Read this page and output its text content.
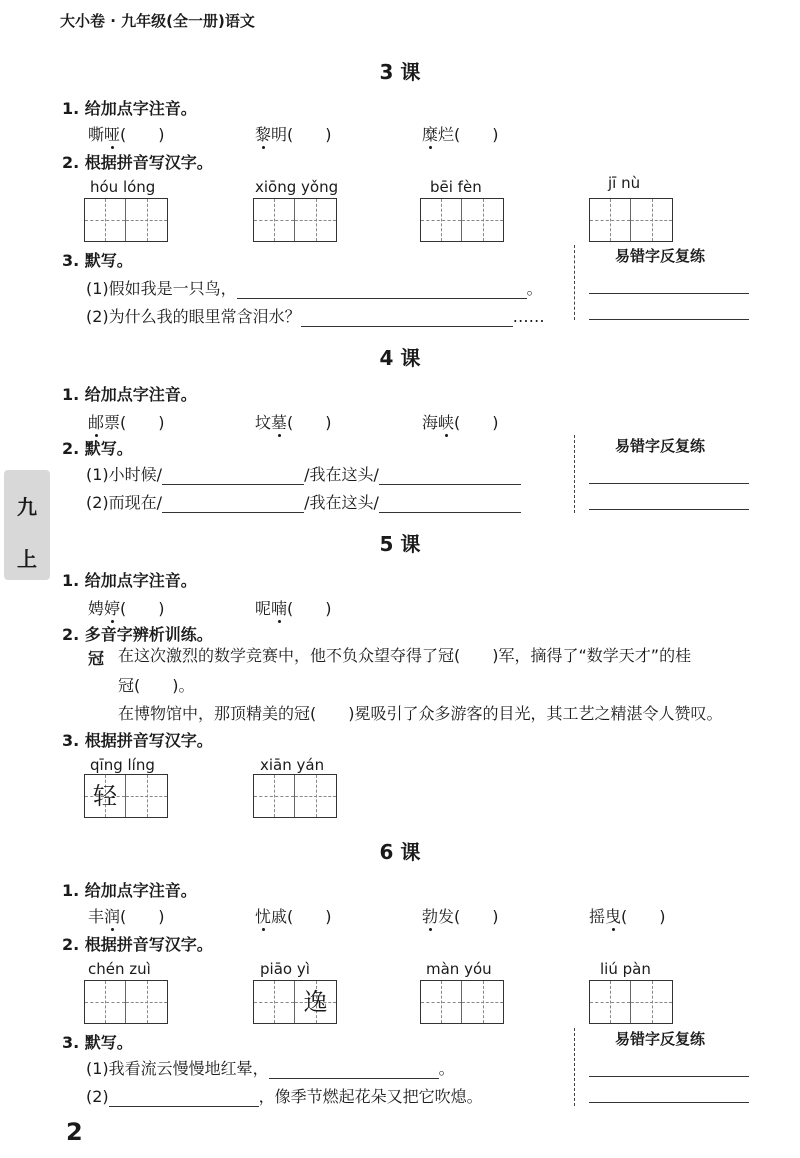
大小卷 · 九年级(全一册)语文
九
上
3 课
1. 给加点字注音。
嘶哑(　　)	黎明(　　)	糜烂(　　)
2. 根据拼音写汉字。
hóu lóng	xiōng yǒng	bēi fèn	jī nù
3. 默写。
(1)假如我是一只鸟，	。
(2)为什么我的眼里常含泪水？	……
易错字反复练
4 课
1. 给加点字注音。
邮票(　　)	坟墓(　　)	海峡(　　)
2. 默写。
(1)小时候/	/我在这头/
(2)而现在/	/我在这头/
易错字反复练
5 课
1. 给加点字注音。
娉婷(　　)	呢喃(　　)
2. 多音字辨析训练。
冠 在这次激烈的数学竞赛中，他不负众望夺得了冠(　　)军，摘得了“数学天才”的桂
冠(　　)。
在博物馆中，那顶精美的冠(　　)冕吸引了众多游客的目光，其工艺之精湛令人赞叹。
3. 根据拼音写汉字。
qīng líng	xiān yán
轻
6 课
1. 给加点字注音。
丰润(　　)	忧戚(　　)	勃发(　　)	摇曳(　　)
2. 根据拼音写汉字。
chén zuì	piāo yì	màn yóu	liú pàn
逸
3. 默写。
(1)我看流云慢慢地红晕，	。
(2)	，像季节燃起花朵又把它吹熄。
易错字反复练
2
